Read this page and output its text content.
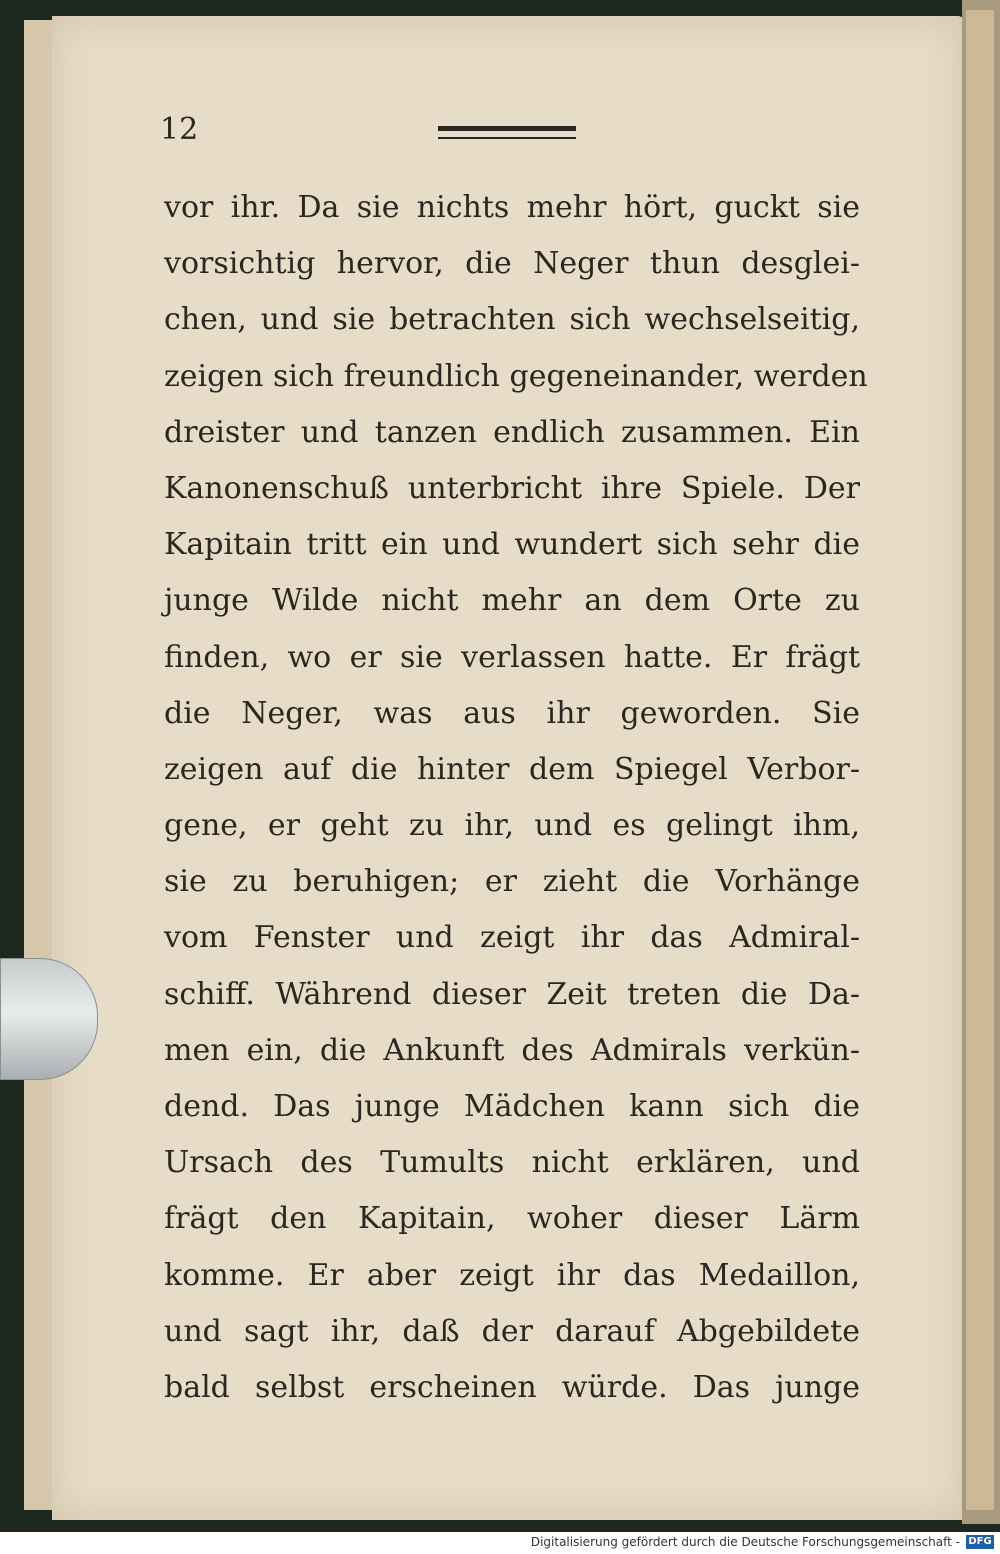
12
vor ihr. Da sie nichts mehr hört, guckt sie
vorsichtig hervor, die Neger thun desglei-
chen, und sie betrachten sich wechselseitig,
zeigen sich freundlich gegeneinander, werden
dreister und tanzen endlich zusammen. Ein
Kanonenschuß unterbricht ihre Spiele. Der
Kapitain tritt ein und wundert sich sehr die
junge Wilde nicht mehr an dem Orte zu
finden, wo er sie verlassen hatte. Er frägt
die Neger, was aus ihr geworden. Sie
zeigen auf die hinter dem Spiegel Verbor-
gene, er geht zu ihr, und es gelingt ihm,
sie zu beruhigen; er zieht die Vorhänge
vom Fenster und zeigt ihr das Admiral-
schiff. Während dieser Zeit treten die Da-
men ein, die Ankunft des Admirals verkün-
dend. Das junge Mädchen kann sich die
Ursach des Tumults nicht erklären, und
frägt den Kapitain, woher dieser Lärm
komme. Er aber zeigt ihr das Medaillon,
und sagt ihr, daß der darauf Abgebildete
bald selbst erscheinen würde. Das junge
Digitalisierung gefördert durch die Deutsche Forschungsgemeinschaft - DFG
